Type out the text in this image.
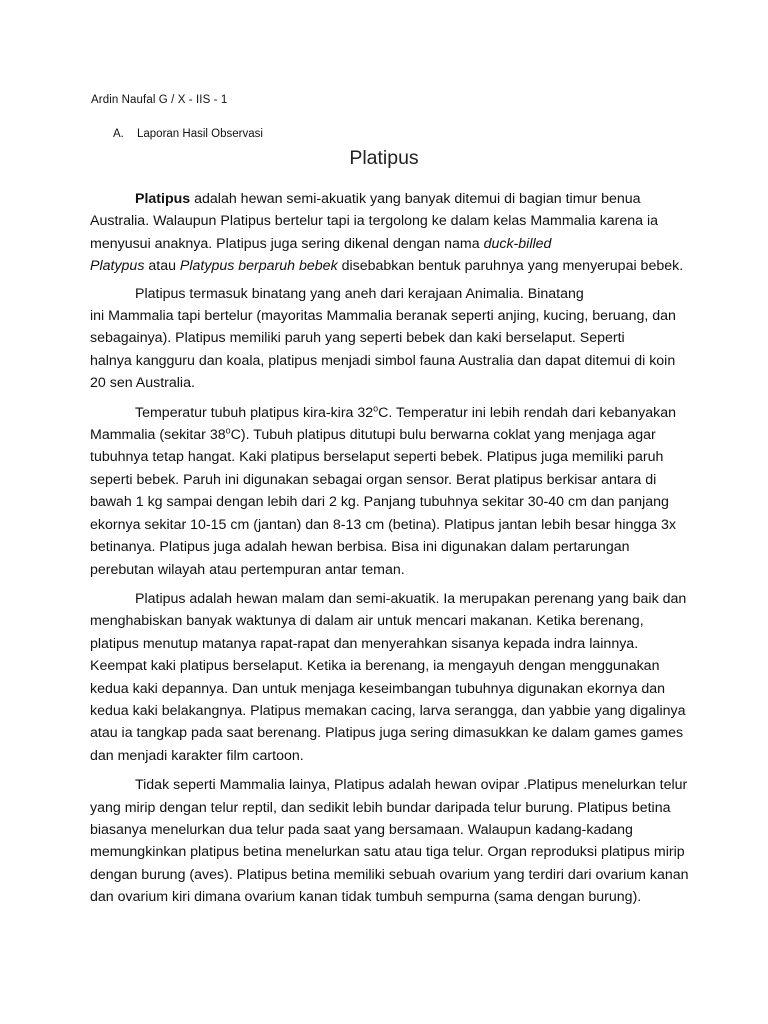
Ardin Naufal G / X - IIS - 1
A. Laporan Hasil Observasi
Platipus

Platipus adalah hewan semi-akuatik yang banyak ditemui di bagian timur benua
Australia. Walaupun Platipus bertelur tapi ia tergolong ke dalam kelas Mammalia karena ia
menyusui anaknya. Platipus juga sering dikenal dengan nama duck-billed
Platypus atau Platypus berparuh bebek disebabkan bentuk paruhnya yang menyerupai bebek.

Platipus termasuk binatang yang aneh dari kerajaan Animalia. Binatang
ini Mammalia tapi bertelur (mayoritas Mammalia beranak seperti anjing, kucing, beruang, dan
sebagainya). Platipus memiliki paruh yang seperti bebek dan kaki berselaput. Seperti
halnya kangguru dan koala, platipus menjadi simbol fauna Australia dan dapat ditemui di koin
20 sen Australia.

Temperatur tubuh platipus kira-kira 32$^o$C. Temperatur ini lebih rendah dari kebanyakan
Mammalia (sekitar 38$^o$C). Tubuh platipus ditutupi bulu berwarna coklat yang menjaga agar
tubuhnya tetap hangat. Kaki platipus berselaput seperti bebek. Platipus juga memiliki paruh
seperti bebek. Paruh ini digunakan sebagai organ sensor. Berat platipus berkisar antara di
bawah 1 kg sampai dengan lebih dari 2 kg. Panjang tubuhnya sekitar 30-40 cm dan panjang
ekornya sekitar 10-15 cm (jantan) dan 8-13 cm (betina). Platipus jantan lebih besar hingga 3x
betinanya. Platipus juga adalah hewan berbisa. Bisa ini digunakan dalam pertarungan
perebutan wilayah atau pertempuran antar teman.

Platipus adalah hewan malam dan semi-akuatik. Ia merupakan perenang yang baik dan
menghabiskan banyak waktunya di dalam air untuk mencari makanan. Ketika berenang,
platipus menutup matanya rapat-rapat dan menyerahkan sisanya kepada indra lainnya.
Keempat kaki platipus berselaput. Ketika ia berenang, ia mengayuh dengan menggunakan
kedua kaki depannya. Dan untuk menjaga keseimbangan tubuhnya digunakan ekornya dan
kedua kaki belakangnya. Platipus memakan cacing, larva serangga, dan yabbie yang digalinya
atau ia tangkap pada saat berenang. Platipus juga sering dimasukkan ke dalam games games
dan menjadi karakter film cartoon.

Tidak seperti Mammalia lainya, Platipus adalah hewan ovipar .Platipus menelurkan telur
yang mirip dengan telur reptil, dan sedikit lebih bundar daripada telur burung. Platipus betina
biasanya menelurkan dua telur pada saat yang bersamaan. Walaupun kadang-kadang
memungkinkan platipus betina menelurkan satu atau tiga telur. Organ reproduksi platipus mirip
dengan burung (aves). Platipus betina memiliki sebuah ovarium yang terdiri dari ovarium kanan
dan ovarium kiri dimana ovarium kanan tidak tumbuh sempurna (sama dengan burung).
